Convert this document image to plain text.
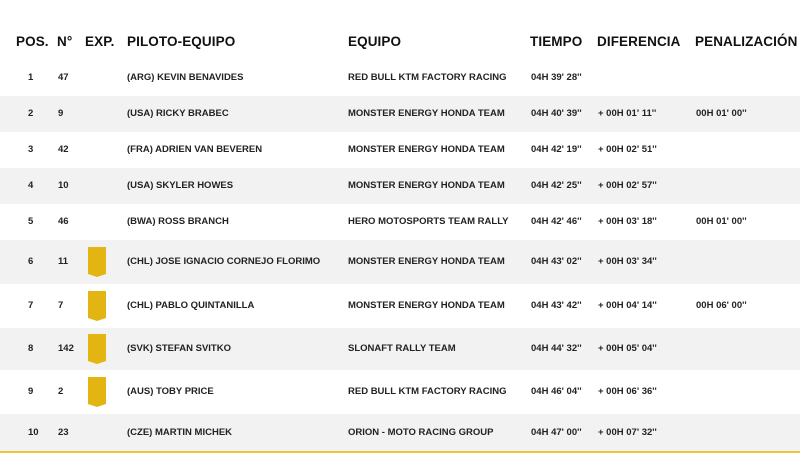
POS. N° EXP. PILOTO-EQUIPO	EQUIPO	TIEMPO DIFERENCIA PENALIZACIÓN
1	47	(ARG) KEVIN BENAVIDES	RED BULL KTM FACTORY RACING	04H 39' 28''
2	9	(USA) RICKY BRABEC	MONSTER ENERGY HONDA TEAM	04H 40' 39'' + 00H 01' 11''	00H 01' 00''
3	42	(FRA) ADRIEN VAN BEVEREN	MONSTER ENERGY HONDA TEAM	04H 42' 19'' + 00H 02' 51''
4	10	(USA) SKYLER HOWES	MONSTER ENERGY HONDA TEAM	04H 42' 25'' + 00H 02' 57''
5	46	(BWA) ROSS BRANCH	HERO MOTOSPORTS TEAM RALLY 04H 42' 46'' + 00H 03' 18''	00H 01' 00''
6	11	(CHL) JOSE IGNACIO CORNEJO FLORIMO	MONSTER ENERGY HONDA TEAM	04H 43' 02'' + 00H 03' 34''
7	7	(CHL) PABLO QUINTANILLA	MONSTER ENERGY HONDA TEAM	04H 43' 42'' + 00H 04' 14''	00H 06' 00''
8	142	(SVK) STEFAN SVITKO	SLONAFT RALLY TEAM	04H 44' 32'' + 00H 05' 04''
9	2	(AUS) TOBY PRICE	RED BULL KTM FACTORY RACING	04H 46' 04'' + 00H 06' 36''
10 23	(CZE) MARTIN MICHEK	ORION - MOTO RACING GROUP	04H 47' 00'' + 00H 07' 32''
